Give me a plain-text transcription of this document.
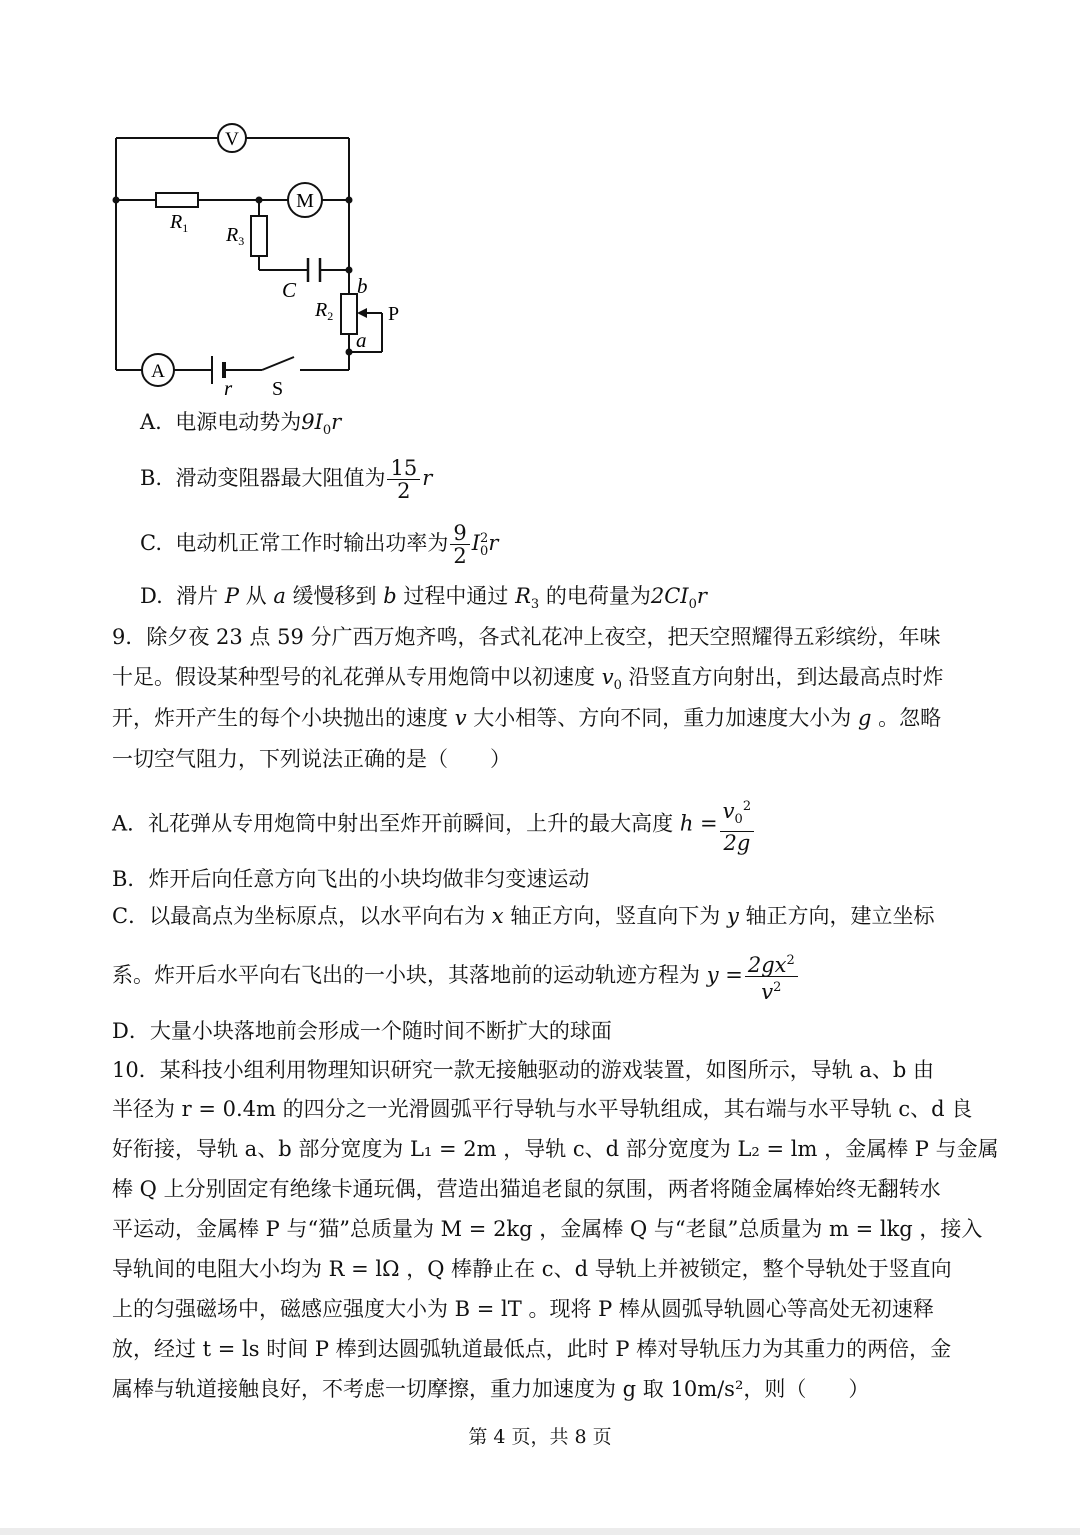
V
M
A
$R_1$ $R_3$
$R_2$
C	b
a
P
r S
A. 电源电动势为$9I_0r$
B. 滑动变阻器最大阻值为 $\frac{15}{2}$ r
C. 电动机正常工作时输出功率为 $\frac{9}{2}$ I 2
0 r
D. 滑片 P 从 a 缓慢移到 b 过程中通过 $R_3$ 的电荷量为$2CI_0r$
9．除夕夜 23 点 59 分广西万炮齐鸣，各式礼花冲上夜空，把天空照耀得五彩缤纷，年味
十足。假设某种型号的礼花弹从专用炮筒中以初速度 $v_0$ 沿竖直方向射出，到达最高点时炸
开，炸开产生的每个小块抛出的速度 v 大小相等、方向不同，重力加速度大小为 g 。忽略
一切空气阻力，下列说法正确的是（　　）
A．礼花弹从专用炮筒中射出至炸开前瞬间，上升的最大高度 $h = \frac{v_0^2}{2g}$
B．炸开后向任意方向飞出的小块均做非匀变速运动
C．以最高点为坐标原点，以水平向右为 x 轴正方向，竖直向下为 y 轴正方向，建立坐标
系。炸开后水平向右飞出的一小块，其落地前的运动轨迹方程为 $y = \frac{2gx^2}{v^2}$
D．大量小块落地前会形成一个随时间不断扩大的球面
10．某科技小组利用物理知识研究一款无接触驱动的游戏装置，如图所示，导轨 a、b 由
半径为 r = 0.4m 的四分之一光滑圆弧平行导轨与水平导轨组成，其右端与水平导轨 c、d 良
好衔接，导轨 a、b 部分宽度为 L₁ = 2m ，导轨 c、d 部分宽度为 L₂ = lm ，金属棒 P 与金属
棒 Q 上分别固定有绝缘卡通玩偶，营造出猫追老鼠的氛围，两者将随金属棒始终无翻转水
平运动，金属棒 P 与“猫”总质量为 M = 2kg ，金属棒 Q 与“老鼠”总质量为 m = lkg ，接入
导轨间的电阻大小均为 R = lΩ ，Q 棒静止在 c、d 导轨上并被锁定，整个导轨处于竖直向
上的匀强磁场中，磁感应强度大小为 B = lT 。现将 P 棒从圆弧导轨圆心等高处无初速释
放，经过 t = ls 时间 P 棒到达圆弧轨道最低点，此时 P 棒对导轨压力为其重力的两倍，金
属棒与轨道接触良好，不考虑一切摩擦，重力加速度为 g 取 10m/s²，则（　　）
第 4 页，共 8 页
